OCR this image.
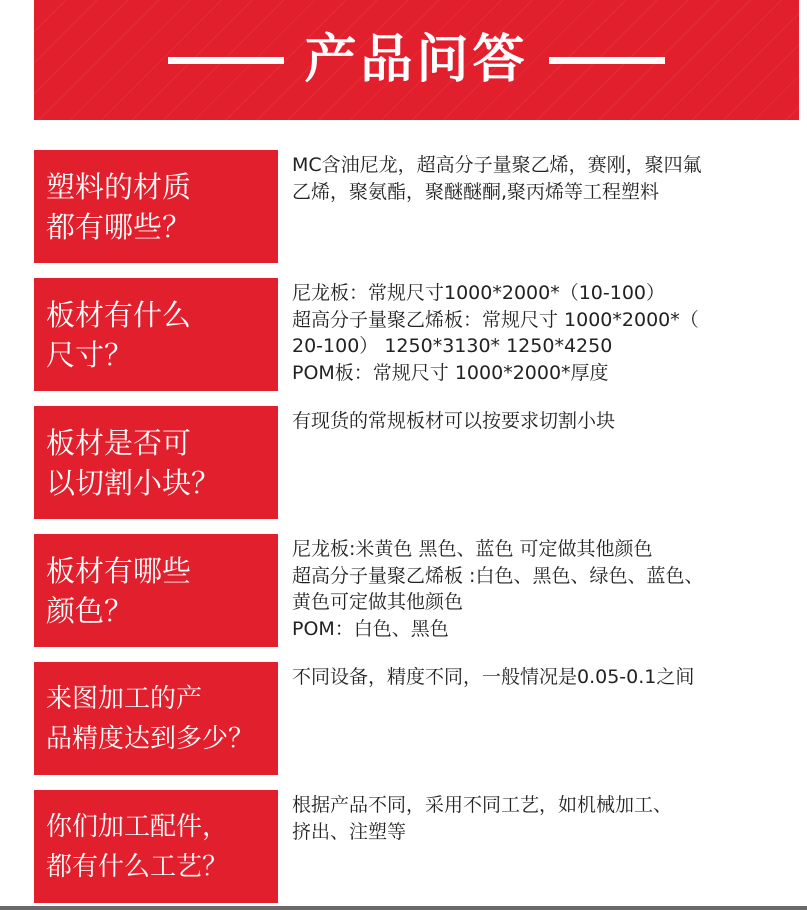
产品问答
塑料的材质
都有哪些？
MC含油尼龙，超高分子量聚乙烯，赛刚，聚四氟
乙烯，聚氨酯，聚醚醚酮,聚丙烯等工程塑料
板材有什么
尺寸？
尼龙板：常规尺寸1000*2000*（10-100）
超高分子量聚乙烯板：常规尺寸 1000*2000*（
20-100） 1250*3130* 1250*4250
POM板：常规尺寸 1000*2000*厚度
板材是否可
以切割小块？
有现货的常规板材可以按要求切割小块
板材有哪些
颜色？
尼龙板:米黄色 黑色、蓝色 可定做其他颜色
超高分子量聚乙烯板 :白色、黑色、绿色、蓝色、
黄色可定做其他颜色
POM：白色、黑色
来图加工的产
品精度达到多少？
不同设备，精度不同，一般情况是0.05-0.1之间
你们加工配件，
都有什么工艺？
根据产品不同，采用不同工艺，如机械加工、
挤出、注塑等
